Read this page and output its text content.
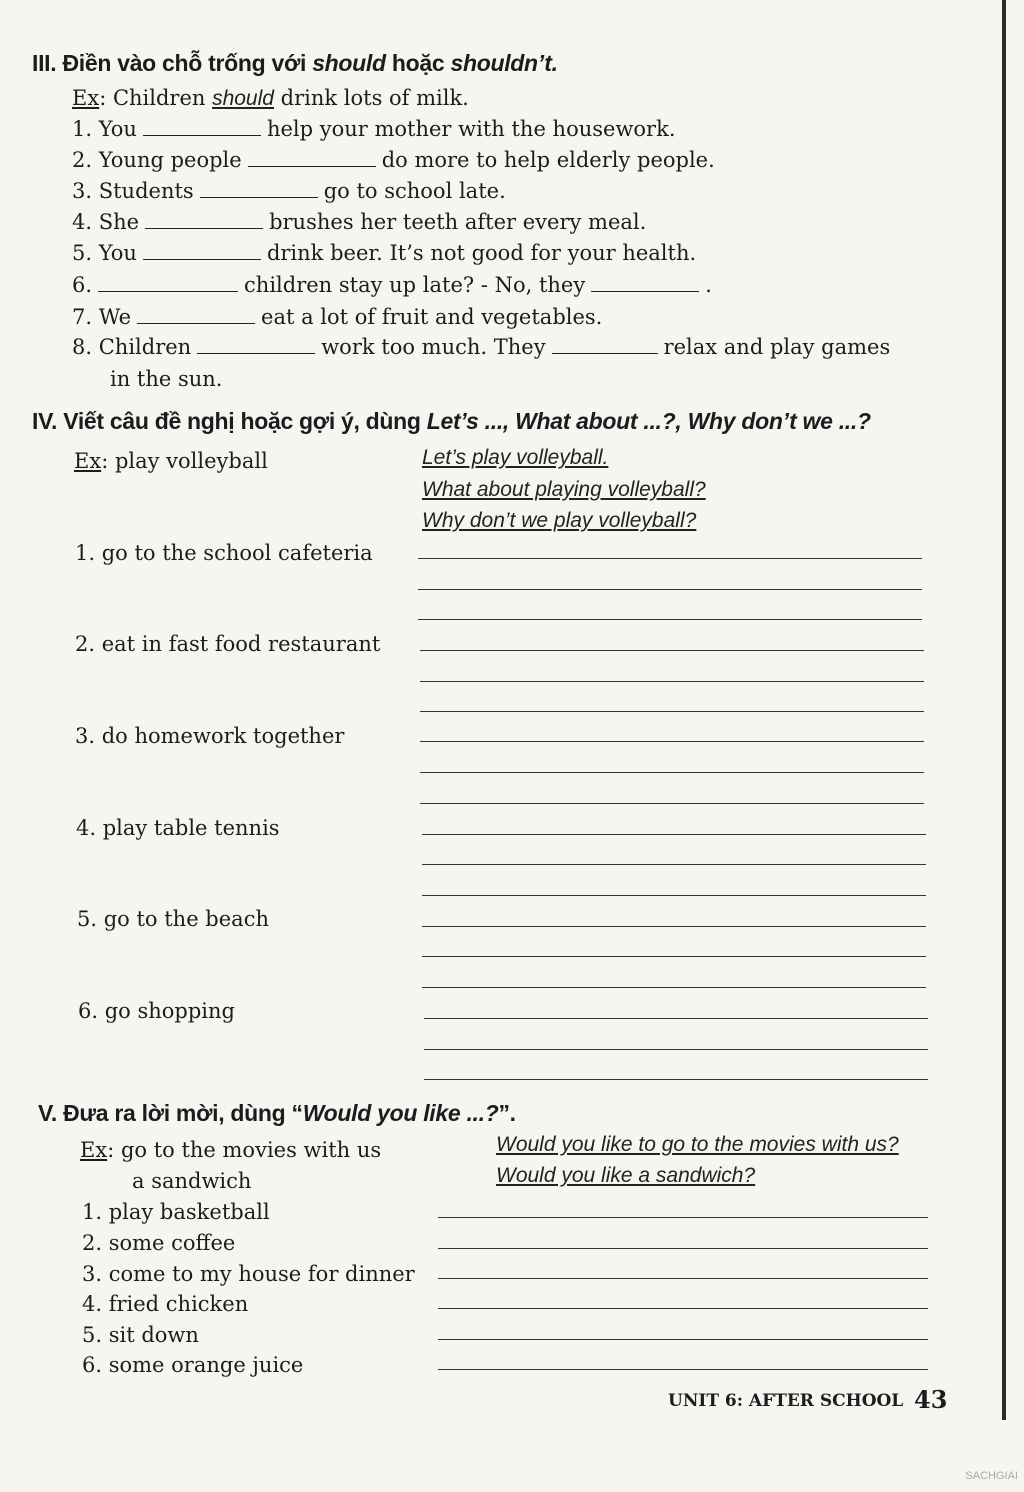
III. Điền vào chỗ trống với should hoặc shouldn’t.
Ex: Children should drink lots of milk.
1. You	help your mother with the housework.
2. Young people	do more to help elderly people.
3. Students	go to school late.
4. She	brushes her teeth after every meal.
5. You	drink beer. It’s not good for your health.
6.	children stay up late? - No, they	.
7. We	eat a lot of fruit and vegetables.
8. Children	work too much. They	relax and play games
in the sun.
IV. Viết câu đề nghị hoặc gợi ý, dùng Let’s ..., What about ...?, Why don’t we ...?
Ex: play volleyball	Let’s play volleyball.
What about playing volleyball?
Why don’t we play volleyball?
1. go to the school cafeteria
2. eat in fast food restaurant
3. do homework together
4. play table tennis
5. go to the beach
6. go shopping
V. Đưa ra lời mời, dùng “Would you like ...?”.
Ex: go to the movies with us
a sandwich
Would you like to go to the movies with us?
Would you like a sandwich?
1. play basketball
2. some coffee
3. come to my house for dinner
4. fried chicken
5. sit down
6. some orange juice
UNIT 6: AFTER SCHOOL 43
SACHGIAI
